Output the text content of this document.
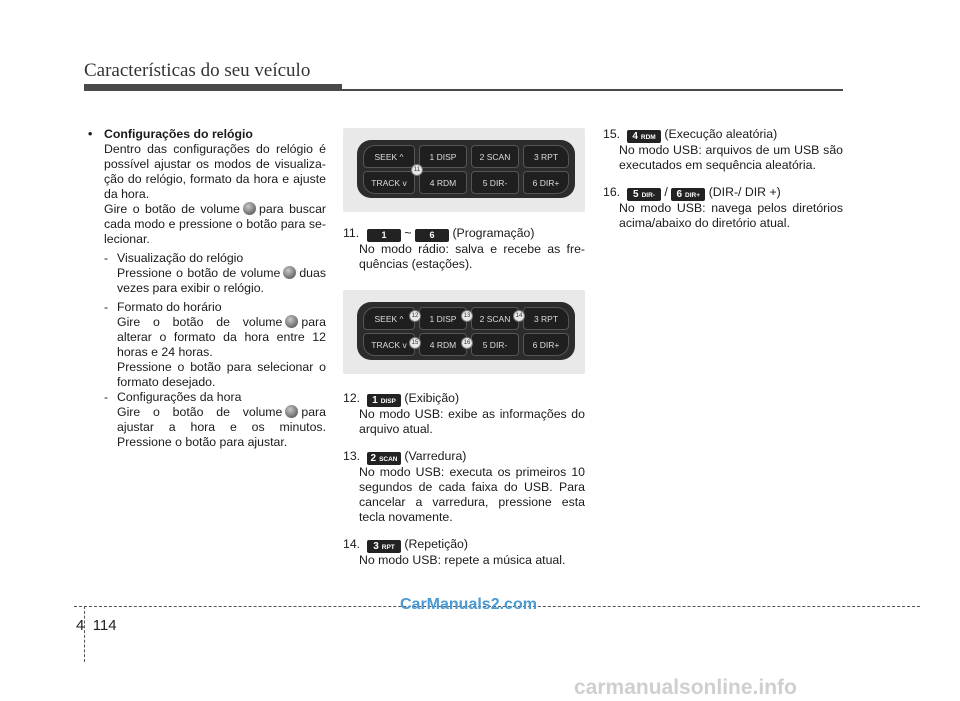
Características do seu veículo
• Configurações do relógio
Dentro das configurações do relógio é possível ajustar os modos de visualiza-ção do relógio, formato da hora e ajuste da hora.
Gire o botão de volume para buscar cada modo e pressione o botão para se-lecionar.
- Visualização do relógio
Pressione o botão de volume duas vezes para exibir o relógio.
- Formato do horário
Gire o botão de volume para alterar o formato da hora entre 12 horas e 24 horas.
Pressione o botão para selecionar o formato desejado.
- Configurações da hora
Gire o botão de volume para ajustar a hora e os minutos. Pressione o botão para ajustar.
SEEK ^	1 DISP	2 SCAN	3 RPT
TRACK v	4 RDM	5 DIR-	6 DIR+
11
11. 1 ~ 6 (Programação)
No modo rádio: salva e recebe as fre-quências (estações).
SEEK ^	1 DISP	2 SCAN	3 RPT
TRACK v	4 RDM	5 DIR-	6 DIR+
12	13	14
15	16
12. 1 DISP (Exibição)
No modo USB: exibe as informações do arquivo atual.
13. 2 SCAN (Varredura)
No modo USB: executa os primeiros 10 segundos de cada faixa do USB. Para cancelar a varredura, pressione esta tecla novamente.
14. 3 RPT (Repetição)
No modo USB: repete a música atual.
15. 4 RDM (Execução aleatória)
No modo USB: arquivos de um USB são executados em sequência aleatória.
16. 5 DIR- / 6 DIR+ (DIR-/ DIR +)
No modo USB: navega pelos diretórios acima/abaixo do diretório atual.
4 114
CarManuals2.com
carmanualsonline.info
